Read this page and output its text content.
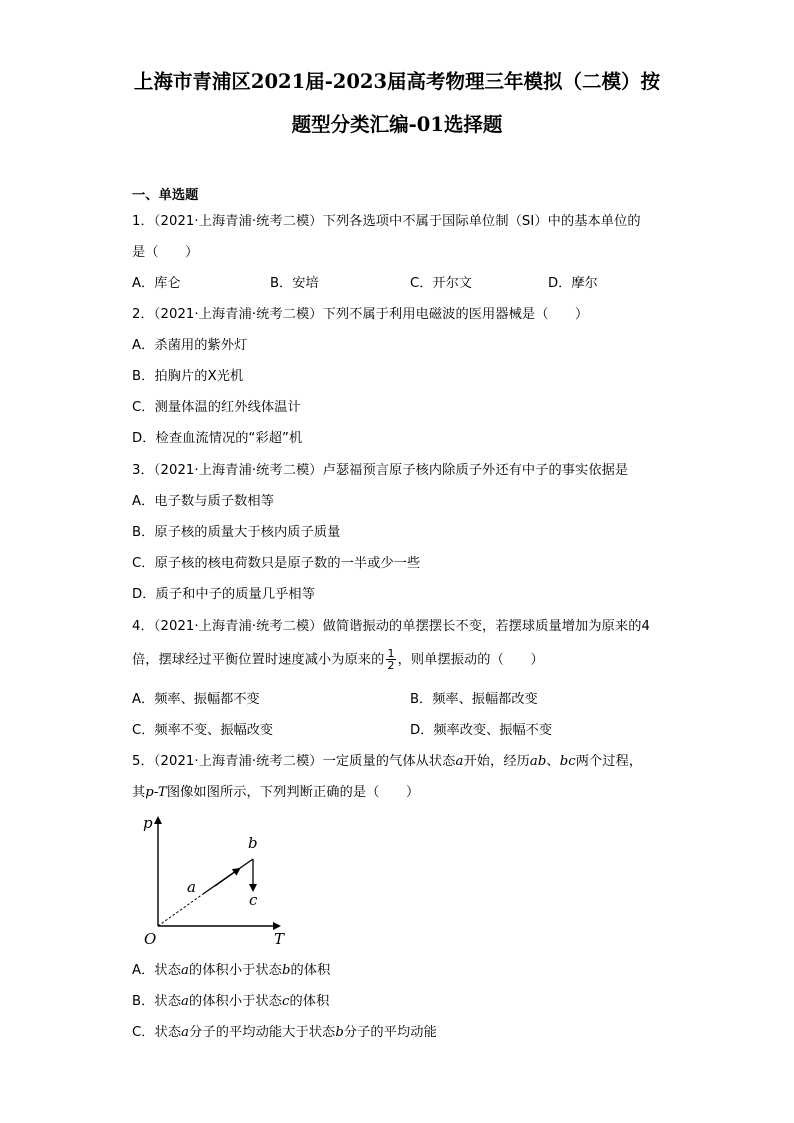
上海市青浦区2021届-2023届高考物理三年模拟（二模）按
题型分类汇编-01选择题
一、单选题
1．（2021·上海青浦·统考二模）下列各选项中不属于国际单位制（SI）中的基本单位的
是（　　）
A．库仑	B．安培	C．开尔文	D．摩尔
2．（2021·上海青浦·统考二模）下列不属于利用电磁波的医用器械是（　　）
A．杀菌用的紫外灯
B．拍胸片的X光机
C．测量体温的红外线体温计
D．检查血流情况的“彩超”机
3．（2021·上海青浦·统考二模）卢瑟福预言原子核内除质子外还有中子的事实依据是
A．电子数与质子数相等
B．原子核的质量大于核内质子质量
C．原子核的核电荷数只是原子数的一半或少一些
D．质子和中子的质量几乎相等
4．（2021·上海青浦·统考二模）做简谐振动的单摆摆长不变，若摆球质量增加为原来的4
倍，摆球经过平衡位置时速度减小为原来的 $\frac{1}{2}$ ，则单摆振动的（　　）
A．频率、振幅都不变	B．频率、振幅都改变
C．频率不变、振幅改变	D．频率改变、振幅不变
5．（2021·上海青浦·统考二模）一定质量的气体从状态a开始，经历ab、bc两个过程，
其p-T图像如图所示，下列判断正确的是（　　）
p
T
O
a
b
c
A．状态a的体积小于状态b的体积
B．状态a的体积小于状态c的体积
C．状态a分子的平均动能大于状态b分子的平均动能
